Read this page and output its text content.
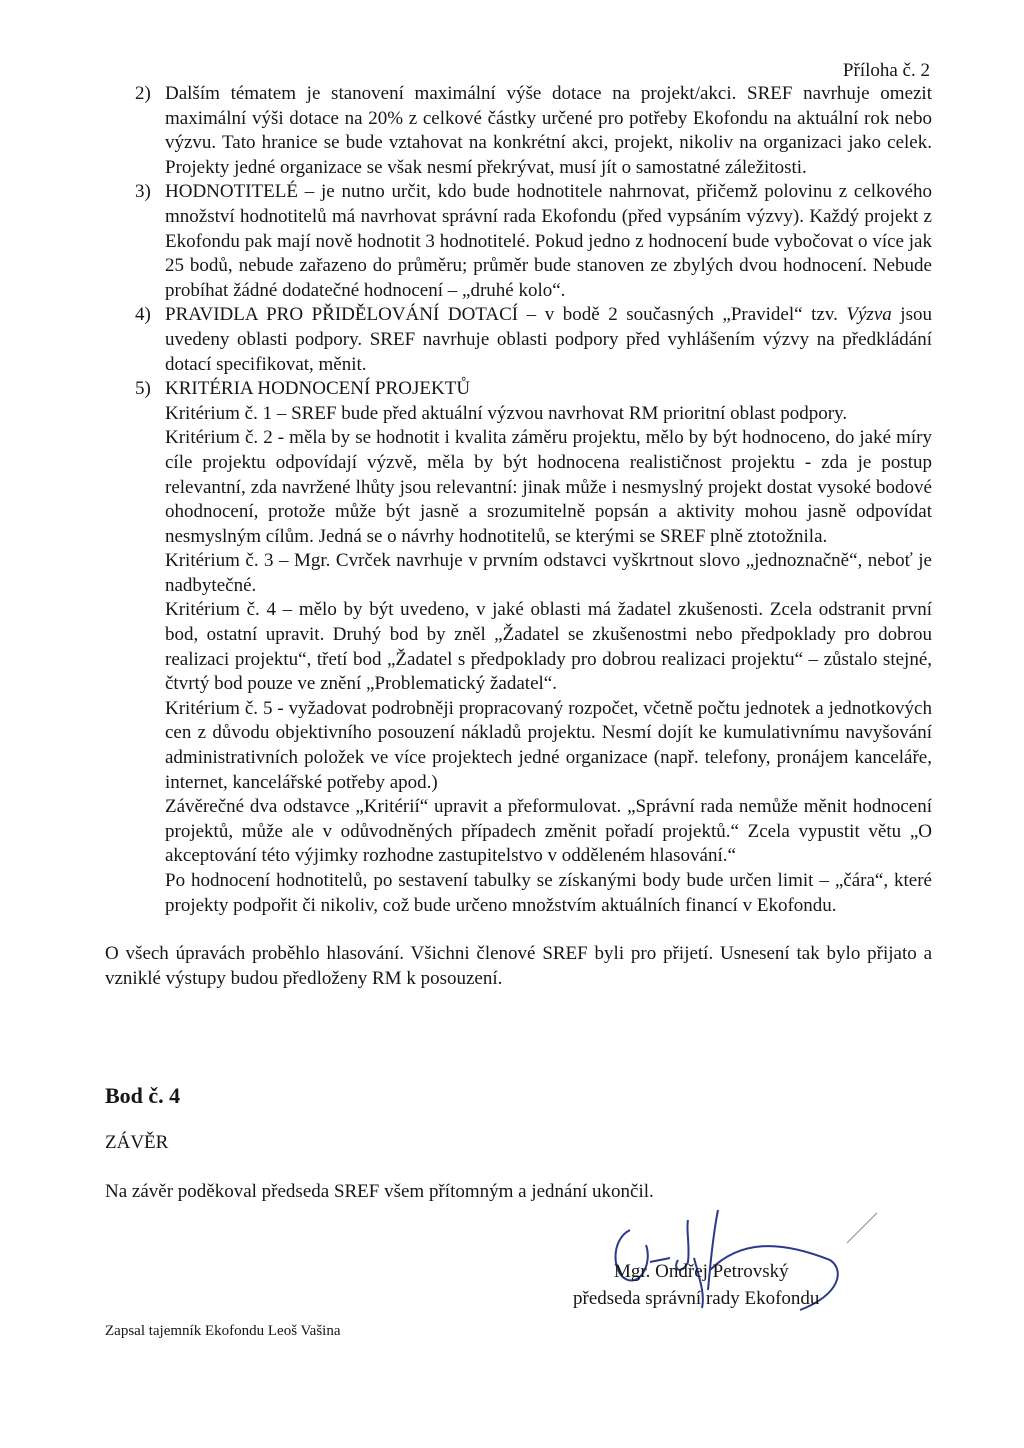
Příloha č. 2
2) Dalším tématem je stanovení maximální výše dotace na projekt/akci. SREF navrhuje omezit maximální výši dotace na 20% z celkové částky určené pro potřeby Ekofondu na aktuální rok nebo výzvu. Tato hranice se bude vztahovat na konkrétní akci, projekt, nikoliv na organizaci jako celek. Projekty jedné organizace se však nesmí překrývat, musí jít o samostatné záležitosti.
3) HODNOTITELÉ – je nutno určit, kdo bude hodnotitele nahrnovat, přičemž polovinu z celkového množství hodnotitelů má navrhovat správní rada Ekofondu (před vypsáním výzvy). Každý projekt z Ekofondu pak mají nově hodnotit 3 hodnotitelé. Pokud jedno z hodnocení bude vybočovat o více jak 25 bodů, nebude zařazeno do průměru; průměr bude stanoven ze zbylých dvou hodnocení. Nebude probíhat žádné dodatečné hodnocení – „druhé kolo“.
4) PRAVIDLA PRO PŘIDĚLOVÁNÍ DOTACÍ – v bodě 2 současných „Pravidel“ tzv. Výzva jsou uvedeny oblasti podpory. SREF navrhuje oblasti podpory před vyhlášením výzvy na předkládání dotací specifikovat, měnit.
5) KRITÉRIA HODNOCENÍ PROJEKTŮ

Kritérium č. 1 – SREF bude před aktuální výzvou navrhovat RM prioritní oblast podpory.

Kritérium č. 2 - měla by se hodnotit i kvalita záměru projektu, mělo by být hodnoceno, do jaké míry cíle projektu odpovídají výzvě, měla by být hodnocena realističnost projektu - zda je postup relevantní, zda navržené lhůty jsou relevantní: jinak může i nesmyslný projekt dostat vysoké bodové ohodnocení, protože může být jasně a srozumitelně popsán a aktivity mohou jasně odpovídat nesmyslným cílům. Jedná se o návrhy hodnotitelů, se kterými se SREF plně ztotožnila.

Kritérium č. 3 – Mgr. Cvrček navrhuje v prvním odstavci vyškrtnout slovo „jednoznačně“, neboť je nadbytečné.

Kritérium č. 4 – mělo by být uvedeno, v jaké oblasti má žadatel zkušenosti. Zcela odstranit první bod, ostatní upravit. Druhý bod by zněl „Žadatel se zkušenostmi nebo předpoklady pro dobrou realizaci projektu“, třetí bod „Žadatel s předpoklady pro dobrou realizaci projektu“ – zůstalo stejné, čtvrtý bod pouze ve znění „Problematický žadatel“.

Kritérium č. 5 - vyžadovat podrobněji propracovaný rozpočet, včetně počtu jednotek a jednotkových cen z důvodu objektivního posouzení nákladů projektu. Nesmí dojít ke kumulativnímu navyšování administrativních položek ve více projektech jedné organizace (např. telefony, pronájem kanceláře, internet, kancelářské potřeby apod.)

Závěrečné dva odstavce „Kritérií“ upravit a přeformulovat. „Správní rada nemůže měnit hodnocení projektů, může ale v odůvodněných případech změnit pořadí projektů.“ Zcela vypustit větu „O akceptování této výjimky rozhodne zastupitelstvo v odděleném hlasování.“

Po hodnocení hodnotitelů, po sestavení tabulky se získanými body bude určen limit – „čára“, které projekty podpořit či nikoliv, což bude určeno množstvím aktuálních financí v Ekofondu.

O všech úpravách proběhlo hlasování. Všichni členové SREF byli pro přijetí. Usnesení tak bylo přijato a vzniklé výstupy budou předloženy RM k posouzení.

Bod č. 4
ZÁVĚR
Na závěr poděkoval předseda SREF všem přítomným a jednání ukončil.
Mgr. Ondřej Petrovský
předseda správní rady Ekofondu
Zapsal tajemník Ekofondu Leoš Vašina
